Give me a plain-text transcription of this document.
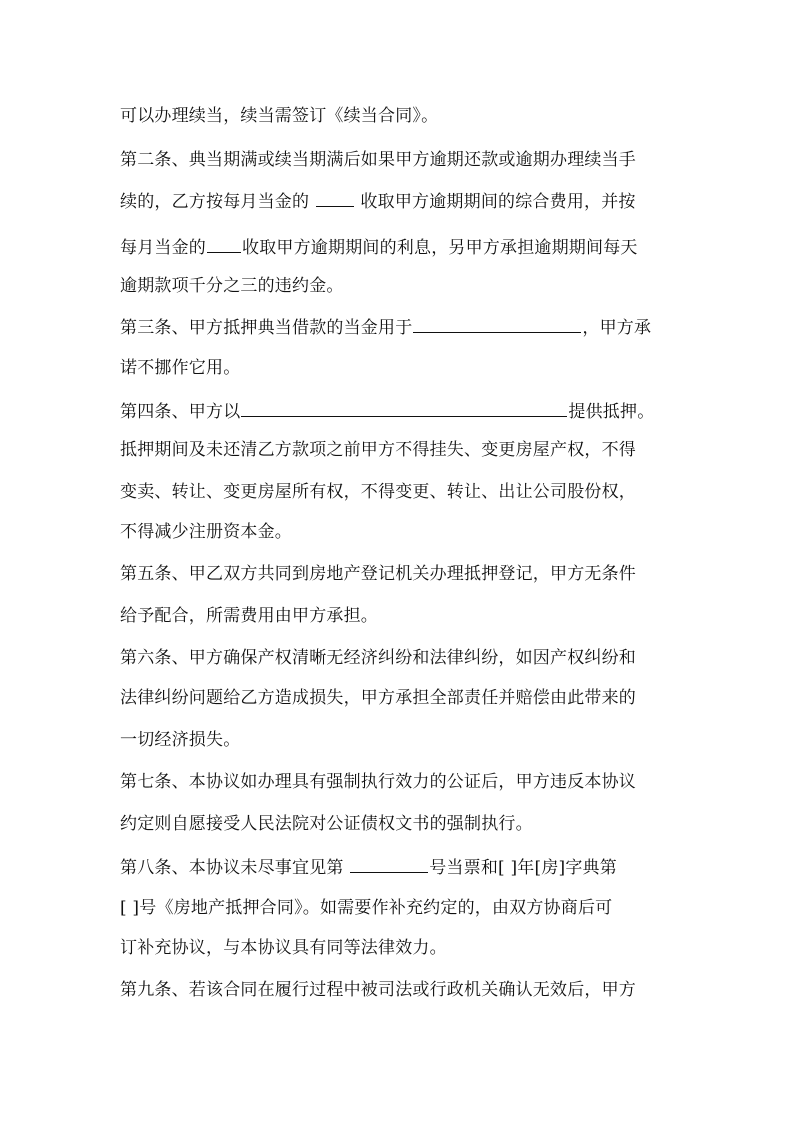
可以办理续当，续当需签订《续当合同》。
第二条、典当期满或续当期满后如果甲方逾期还款或逾期办理续当手
续的，乙方按每月当金的  收取甲方逾期期间的综合费用，并按
每月当金的 收取甲方逾期期间的利息，另甲方承担逾期期间每天
逾期款项千分之三的违约金。
第三条、甲方抵押典当借款的当金用于	，甲方承
诺不挪作它用。
第四条、甲方以	提供抵押。
抵押期间及未还清乙方款项之前甲方不得挂失、变更房屋产权，不得
变卖、转让、变更房屋所有权，不得变更、转让、出让公司股份权，
不得减少注册资本金。
第五条、甲乙双方共同到房地产登记机关办理抵押登记，甲方无条件
给予配合，所需费用由甲方承担。
第六条、甲方确保产权清晰无经济纠纷和法律纠纷，如因产权纠纷和
法律纠纷问题给乙方造成损失，甲方承担全部责任并赔偿由此带来的
一切经济损失。
第七条、本协议如办理具有强制执行效力的公证后，甲方违反本协议
约定则自愿接受人民法院对公证债权文书的强制执行。
第八条、本协议未尽事宜见第	号当票和[ ]年[房]字典第
[ ]号《房地产抵押合同》。如需要作补充约定的，由双方协商后可
订补充协议，与本协议具有同等法律效力。
第九条、若该合同在履行过程中被司法或行政机关确认无效后，甲方
